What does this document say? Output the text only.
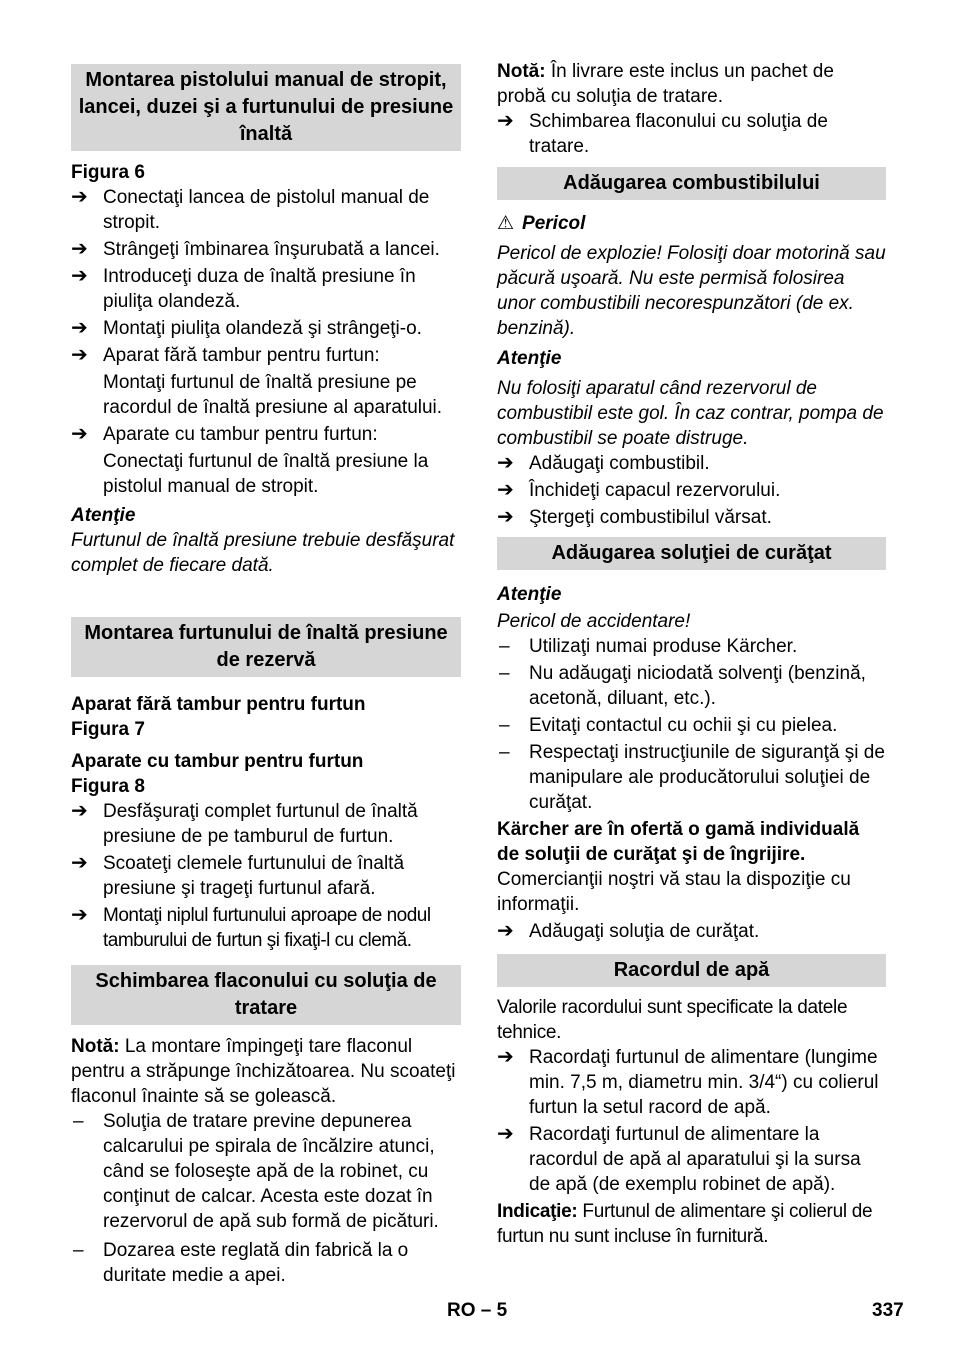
Montarea pistolului manual de stropit, lancei, duzei şi a furtunului de presiune înaltă
Figura 6
➔ Conectaţi lancea de pistolul manual de stropit.
➔ Strângeţi îmbinarea înşurubată a lancei.
➔ Introduceţi duza de înaltă presiune în piuliţa olandeză.
➔ Montaţi piuliţa olandeză şi strângeţi-o.
➔ Aparat fără tambur pentru furtun:
Montaţi furtunul de înaltă presiune pe racordul de înaltă presiune al aparatului.
➔ Aparate cu tambur pentru furtun:
Conectaţi furtunul de înaltă presiune la pistolul manual de stropit.
Atenţie
Furtunul de înaltă presiune trebuie desfăşurat complet de fiecare dată.
Montarea furtunului de înaltă presiune de rezervă
Aparat fără tambur pentru furtun
Figura 7
Aparate cu tambur pentru furtun
Figura 8
➔ Desfăşuraţi complet furtunul de înaltă presiune de pe tamburul de furtun.
➔ Scoateţi clemele furtunului de înaltă presiune şi trageţi furtunul afară.
➔ Montaţi niplul furtunului aproape de nodul tamburului de furtun şi fixaţi-l cu clemă.
Schimbarea flaconului cu soluţia de tratare
Notă: La montare împingeţi tare flaconul pentru a străpunge închizătoarea. Nu scoateţi flaconul înainte să se golească.
–	Soluţia de tratare previne depunerea calcarului pe spirala de încălzire atunci, când se foloseşte apă de la robinet, cu conţinut de calcar. Acesta este dozat în rezervorul de apă sub formă de picături.
–	Dozarea este reglată din fabrică la o duritate medie a apei.
Notă: În livrare este inclus un pachet de probă cu soluţia de tratare.
➔ Schimbarea flaconului cu soluţia de tratare.
Adăugarea combustibilului
⚠ Pericol
Pericol de explozie! Folosiţi doar motorină sau păcură uşoară. Nu este permisă folosirea unor combustibili necorespunzători (de ex. benzină).
Atenţie
Nu folosiţi aparatul când rezervorul de combustibil este gol. În caz contrar, pompa de combustibil se poate distruge.
➔ Adăugaţi combustibil.
➔ Închideţi capacul rezervorului.
➔ Ştergeţi combustibilul vărsat.
Adăugarea soluţiei de curăţat
Atenţie
Pericol de accidentare!
–	Utilizaţi numai produse Kärcher.
–	Nu adăugaţi niciodată solvenţi (benzină, acetonă, diluant, etc.).
–	Evitaţi contactul cu ochii şi cu pielea.
–	Respectaţi instrucţiunile de siguranţă şi de manipulare ale producătorului soluţiei de curăţat.
Kärcher are în ofertă o gamă individuală de soluţii de curăţat şi de îngrijire.
Comercianţii noştri vă stau la dispoziţie cu informaţii.
➔ Adăugaţi soluţia de curăţat.
Racordul de apă
Valorile racordului sunt specificate la datele tehnice.
➔ Racordaţi furtunul de alimentare (lungime min. 7,5 m, diametru min. 3/4“) cu colierul furtun la setul racord de apă.
➔ Racordaţi furtunul de alimentare la racordul de apă al aparatului şi la sursa de apă (de exemplu robinet de apă).
Indicaţie: Furtunul de alimentare şi colierul de furtun nu sunt incluse în furnitură.
RO – 5	337
